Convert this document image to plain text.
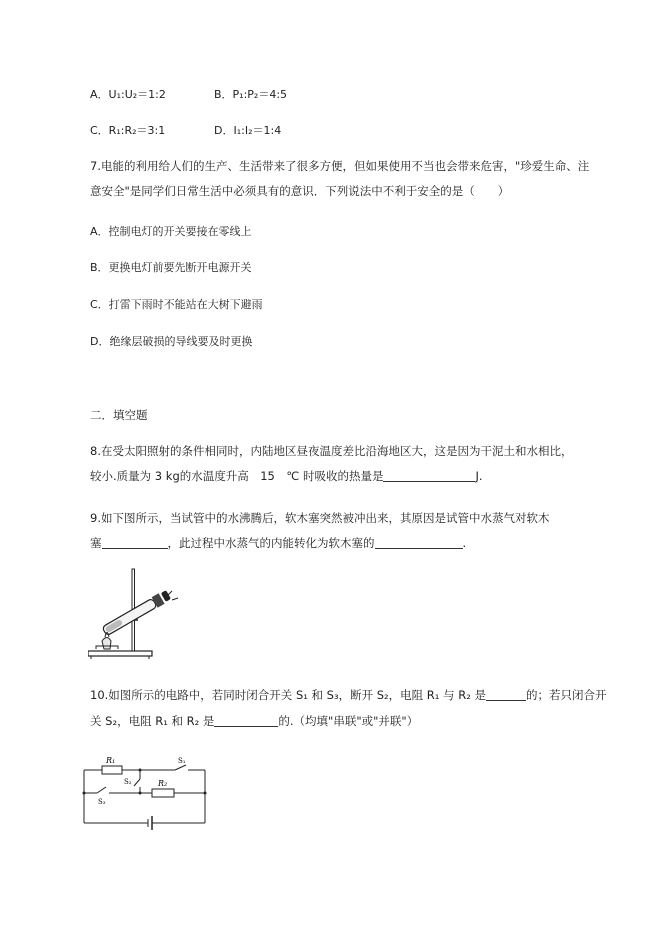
A．U₁:U₂＝1:2	B．P₁:P₂＝4:5
C．R₁:R₂＝3:1	D．I₁:I₂＝1:4
7.电能的利用给人们的生产、生活带来了很多方便，但如果使用不当也会带来危害，"珍爱生命、注
意安全"是同学们日常生活中必须具有的意识．下列说法中不利于安全的是（　　）
A．控制电灯的开关要接在零线上
B．更换电灯前要先断开电源开关
C．打雷下雨时不能站在大树下避雨
D．绝缘层破损的导线要及时更换
二．填空题
8.在受太阳照射的条件相同时，内陆地区昼夜温度差比沿海地区大，这是因为干泥土和水相比，
较小.质量为 3 kg的水温度升高　15　℃ 时吸收的热量是	J.
9.如下图所示，当试管中的水沸腾后，软木塞突然被冲出来，其原因是试管中水蒸气对软木
塞	，此过程中水蒸气的内能转化为软木塞的	.
10.如图所示的电路中，若同时闭合开关 S₁ 和 S₃，断开 S₂，电阻 R₁ 与 R₂ 是	的；若只闭合开
关 S₂，电阻 R₁ 和 R₂ 是	的.（均填"串联"或"并联"）
R₁
R₂
S₁
S₂
S₃
